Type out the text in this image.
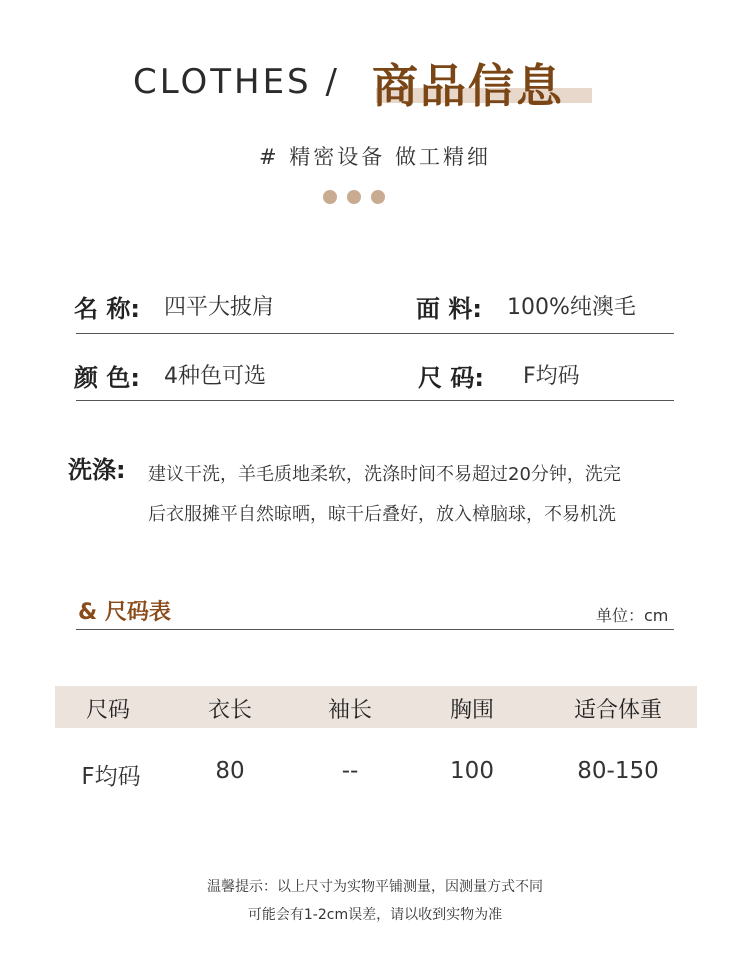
CLOTHES / 商品信息
# 精密设备 做工精细
名 称: 四平大披肩	面 料: 100%纯澳毛
颜 色: 4种色可选	尺 码: F均码
洗涤: 建议干洗，羊毛质地柔软，洗涤时间不易超过20分钟，洗完
后衣服摊平自然晾晒，晾干后叠好，放入樟脑球，不易机洗
& 尺码表	单位：cm
尺码	衣长	袖长	胸围	适合体重
F均码	80	--	100	80-150
温馨提示：以上尺寸为实物平铺测量，因测量方式不同
可能会有1-2cm误差，请以收到实物为准
